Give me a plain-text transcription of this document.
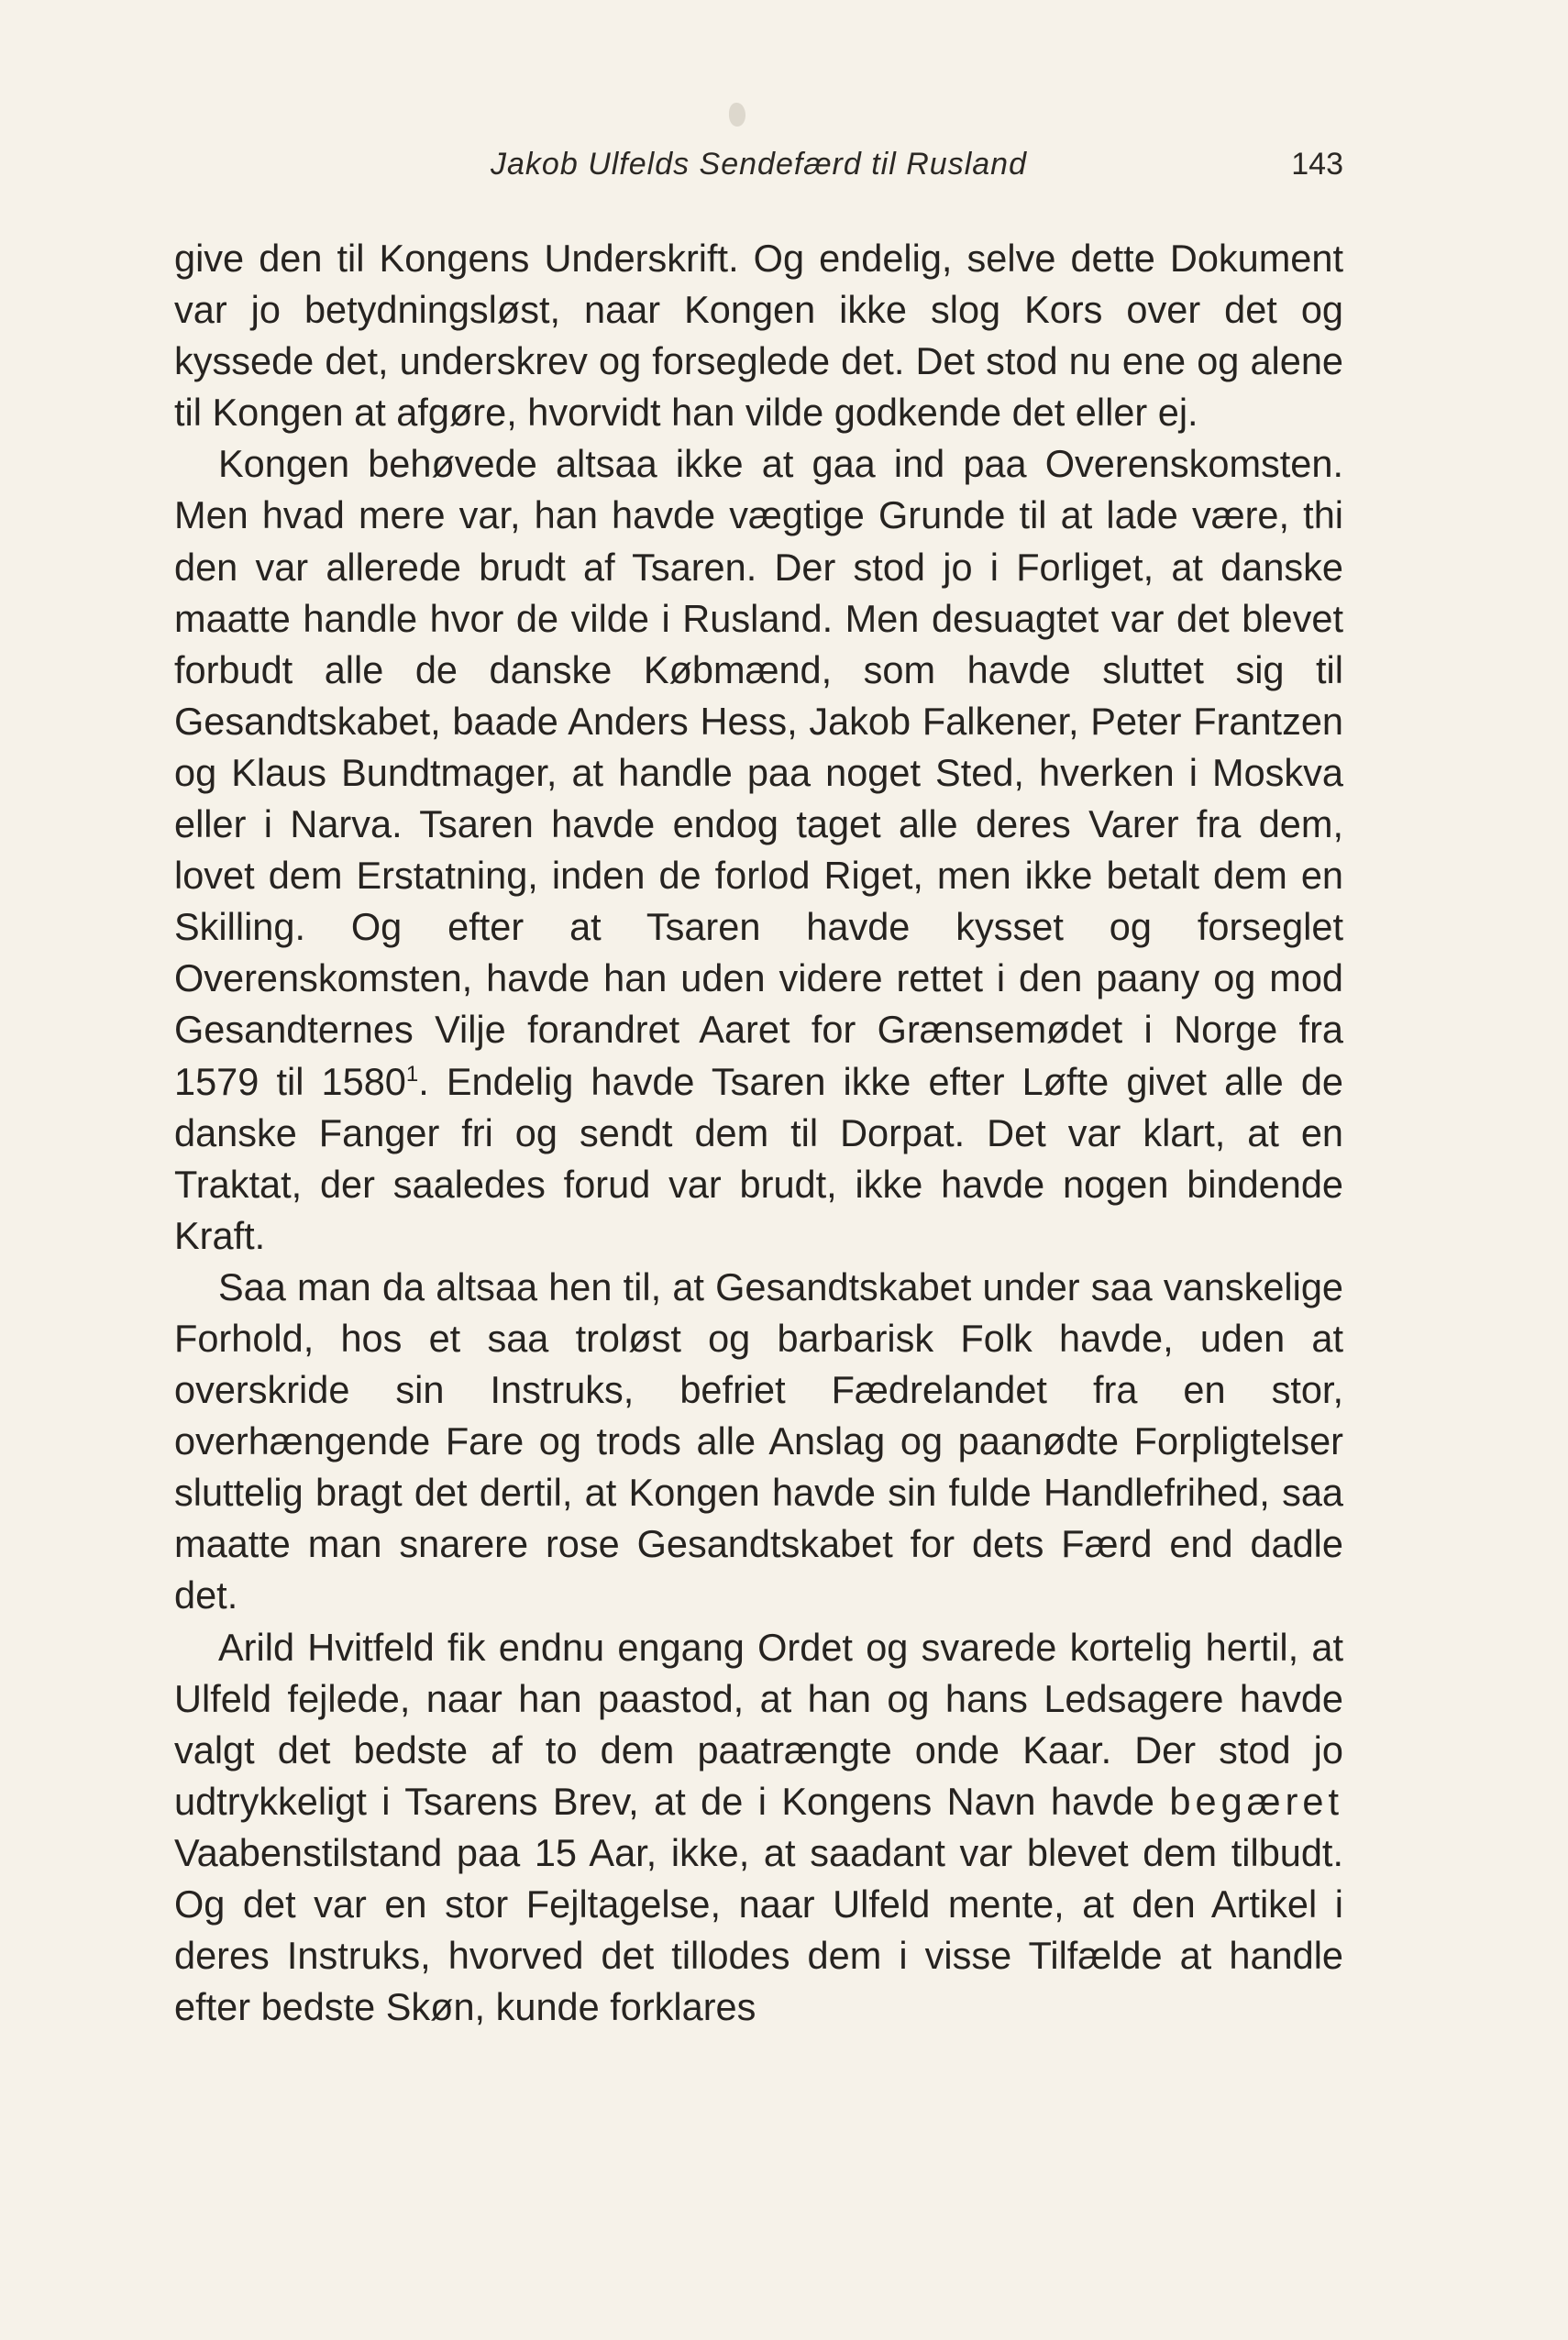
Jakob Ulfelds Sendefærd til Rusland	143

give den til Kongens Underskrift. Og endelig, selve dette Dokument var jo betydningsløst, naar Kongen ikke slog Kors over det og kyssede det, underskrev og forseglede det. Det stod nu ene og alene til Kongen at afgøre, hvorvidt han vilde godkende det eller ej.

Kongen behøvede altsaa ikke at gaa ind paa Overenskomsten. Men hvad mere var, han havde vægtige Grunde til at lade være, thi den var allerede brudt af Tsaren. Der stod jo i Forliget, at danske maatte handle hvor de vilde i Rusland. Men desuagtet var det blevet forbudt alle de danske Købmænd, som havde sluttet sig til Gesandtskabet, baade Anders Hess, Jakob Falkener, Peter Frantzen og Klaus Bundtmager, at handle paa noget Sted, hverken i Moskva eller i Narva. Tsaren havde endog taget alle deres Varer fra dem, lovet dem Erstatning, inden de forlod Riget, men ikke betalt dem en Skilling. Og efter at Tsaren havde kysset og forseglet Overenskomsten, havde han uden videre rettet i den paany og mod Gesandternes Vilje forandret Aaret for Grænsemødet i Norge fra 1579 til 1580$^1$. Endelig havde Tsaren ikke efter Løfte givet alle de danske Fanger fri og sendt dem til Dorpat. Det var klart, at en Traktat, der saaledes forud var brudt, ikke havde nogen bindende Kraft.

Saa man da altsaa hen til, at Gesandtskabet under saa vanskelige Forhold, hos et saa troløst og barbarisk Folk havde, uden at overskride sin Instruks, befriet Fædrelandet fra en stor, overhængende Fare og trods alle Anslag og paanødte Forpligtelser sluttelig bragt det dertil, at Kongen havde sin fulde Handlefrihed, saa maatte man snarere rose Gesandtskabet for dets Færd end dadle det.

Arild Hvitfeld fik endnu engang Ordet og svarede kortelig hertil, at Ulfeld fejlede, naar han paastod, at han og hans Ledsagere havde valgt det bedste af to dem paatrængte onde Kaar. Der stod jo udtrykkeligt i Tsarens Brev, at de i Kongens Navn havde begæret Vaabenstilstand paa 15 Aar, ikke, at saadant var blevet dem tilbudt. Og det var en stor Fejltagelse, naar Ulfeld mente, at den Artikel i deres Instruks, hvorved det tillodes dem i visse Tilfælde at handle efter bedste Skøn, kunde forklares
